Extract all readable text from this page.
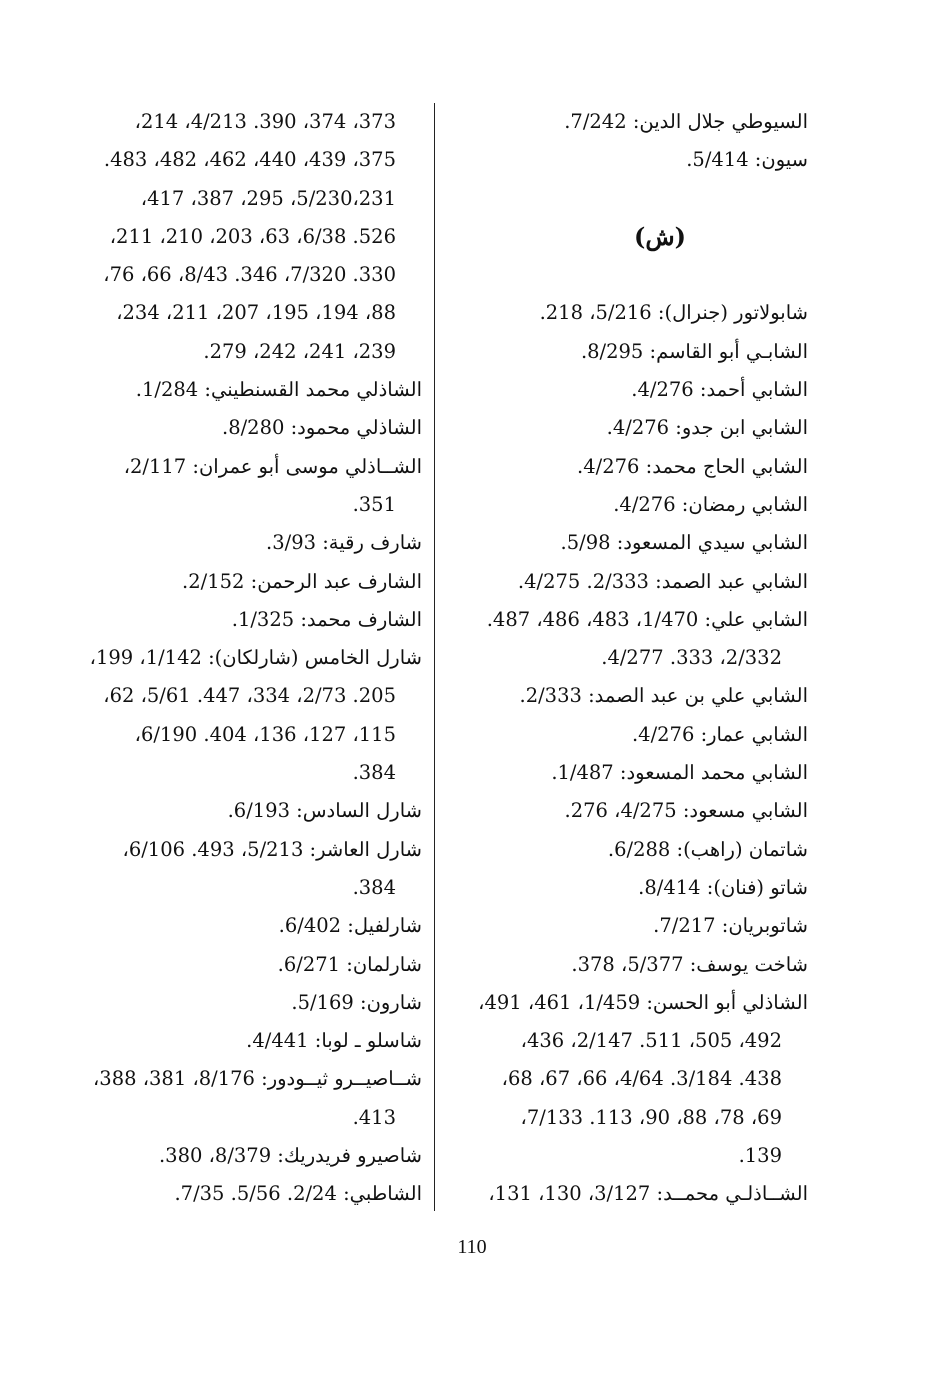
السيوطي جلال الدين: 7/242.
سيون: 5/414.
(ش)
شابولاتور (جنرال): 5/216، 218.
الشابـي أبو القاسم: 8/295.
الشابي أحمد: 4/276.
الشابي ابن جدو: 4/276.
الشابي الحاج محمد: 4/276.
الشابي رمضان: 4/276.
الشابي سيدي المسعود: 5/98.
الشابي عبد الصمد: 2/333. 4/275.
الشابي علي: 1/470، 483، 486، 487.
2/332، 333. 4/277.
الشابي علي بن عبد الصمد: 2/333.
الشابي عمار: 4/276.
الشابي محمد المسعود: 1/487.
الشابي مسعود: 4/275، 276.
شاتمان (راهب): 6/288.
شاتو (فنان): 8/414.
شاتوبريان: 7/217.
شاخت يوسف: 5/377، 378.
الشاذلي أبو الحسن: 1/459، 461، 491،
492، 505، 511. 2/147، 436،
438. 3/184. 4/64، 66، 67، 68،
69، 78، 88، 90، 113. 7/133،
139.
الشــاذلـي محمــد: 3/127، 130، 131،
373، 374، 390. 4/213، 214،
375، 439، 440، 462، 482، 483.
5/230،231، 295، 387، 417،
526. 6/38، 63، 203، 210، 211،
330. 7/320، 346. 8/43، 66، 76،
88، 194، 195، 207، 211، 234،
239، 241، 242، 279.
الشاذلي محمد القسنطيني: 1/284.
الشاذلي محمود: 8/280.
الشــاذلي موسى أبو عمران: 2/117،
351.
شارف رقية: 3/93.
الشارف عبد الرحمن: 2/152.
الشارف محمد: 1/325.
شارل الخامس (شارلكان): 1/142، 199،
205. 2/73، 334، 447. 5/61، 62،
115، 127، 136، 404. 6/190،
384.
شارل السادس: 6/193.
شارل العاشر: 5/213، 493. 6/106،
384.
شارلفيل: 6/402.
شارلمان: 6/271.
شارون: 5/169.
شاسلو ـ لوبا: 4/441.
شــاصيــرو ثيــودور: 8/176، 381، 388،
413.
شاصيرو فريدريك: 8/379، 380.
الشاطبي: 2/24. 5/56. 7/35.
110
